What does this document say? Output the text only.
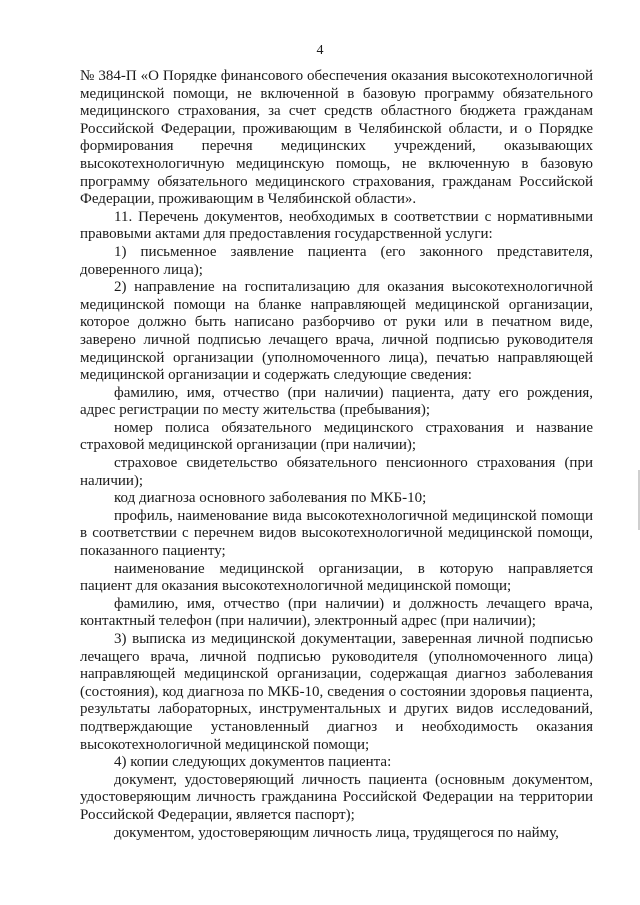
4

№ 384-П «О Порядке финансового обеспечения оказания высокотехнологичной медицинской помощи, не включенной в базовую программу обязательного медицинского страхования, за счет средств областного бюджета гражданам Российской Федерации, проживающим в Челябинской области, и о Порядке формирования перечня медицинских учреждений, оказывающих высокотехнологичную медицинскую помощь, не включенную в базовую программу обязательного медицинского страхования, гражданам Российской Федерации, проживающим в Челябинской области».

11. Перечень документов, необходимых в соответствии с нормативными правовыми актами для предоставления государственной услуги:

1) письменное заявление пациента (его законного представителя, доверенного лица);

2) направление на госпитализацию для оказания высокотехнологичной медицинской помощи на бланке направляющей медицинской организации, которое должно быть написано разборчиво от руки или в печатном виде, заверено личной подписью лечащего врача, личной подписью руководителя медицинской организации (уполномоченного лица), печатью направляющей медицинской организации и содержать следующие сведения:

фамилию, имя, отчество (при наличии) пациента, дату его рождения, адрес регистрации по месту жительства (пребывания);

номер полиса обязательного медицинского страхования и название страховой медицинской организации (при наличии);

страховое свидетельство обязательного пенсионного страхования (при наличии);

код диагноза основного заболевания по МКБ-10;

профиль, наименование вида высокотехнологичной медицинской помощи в соответствии с перечнем видов высокотехнологичной медицинской помощи, показанного пациенту;

наименование медицинской организации, в которую направляется пациент для оказания высокотехнологичной медицинской помощи;

фамилию, имя, отчество (при наличии) и должность лечащего врача, контактный телефон (при наличии), электронный адрес (при наличии);

3) выписка из медицинской документации, заверенная личной подписью лечащего врача, личной подписью руководителя (уполномоченного лица) направляющей медицинской организации, содержащая диагноз заболевания (состояния), код диагноза по МКБ-10, сведения о состоянии здоровья пациента, результаты лабораторных, инструментальных и других видов исследований, подтверждающие установленный диагноз и необходимость оказания высокотехнологичной медицинской помощи;

4) копии следующих документов пациента:

документ, удостоверяющий личность пациента (основным документом, удостоверяющим личность гражданина Российской Федерации на территории Российской Федерации, является паспорт);

документом, удостоверяющим личность лица, трудящегося по найму,
